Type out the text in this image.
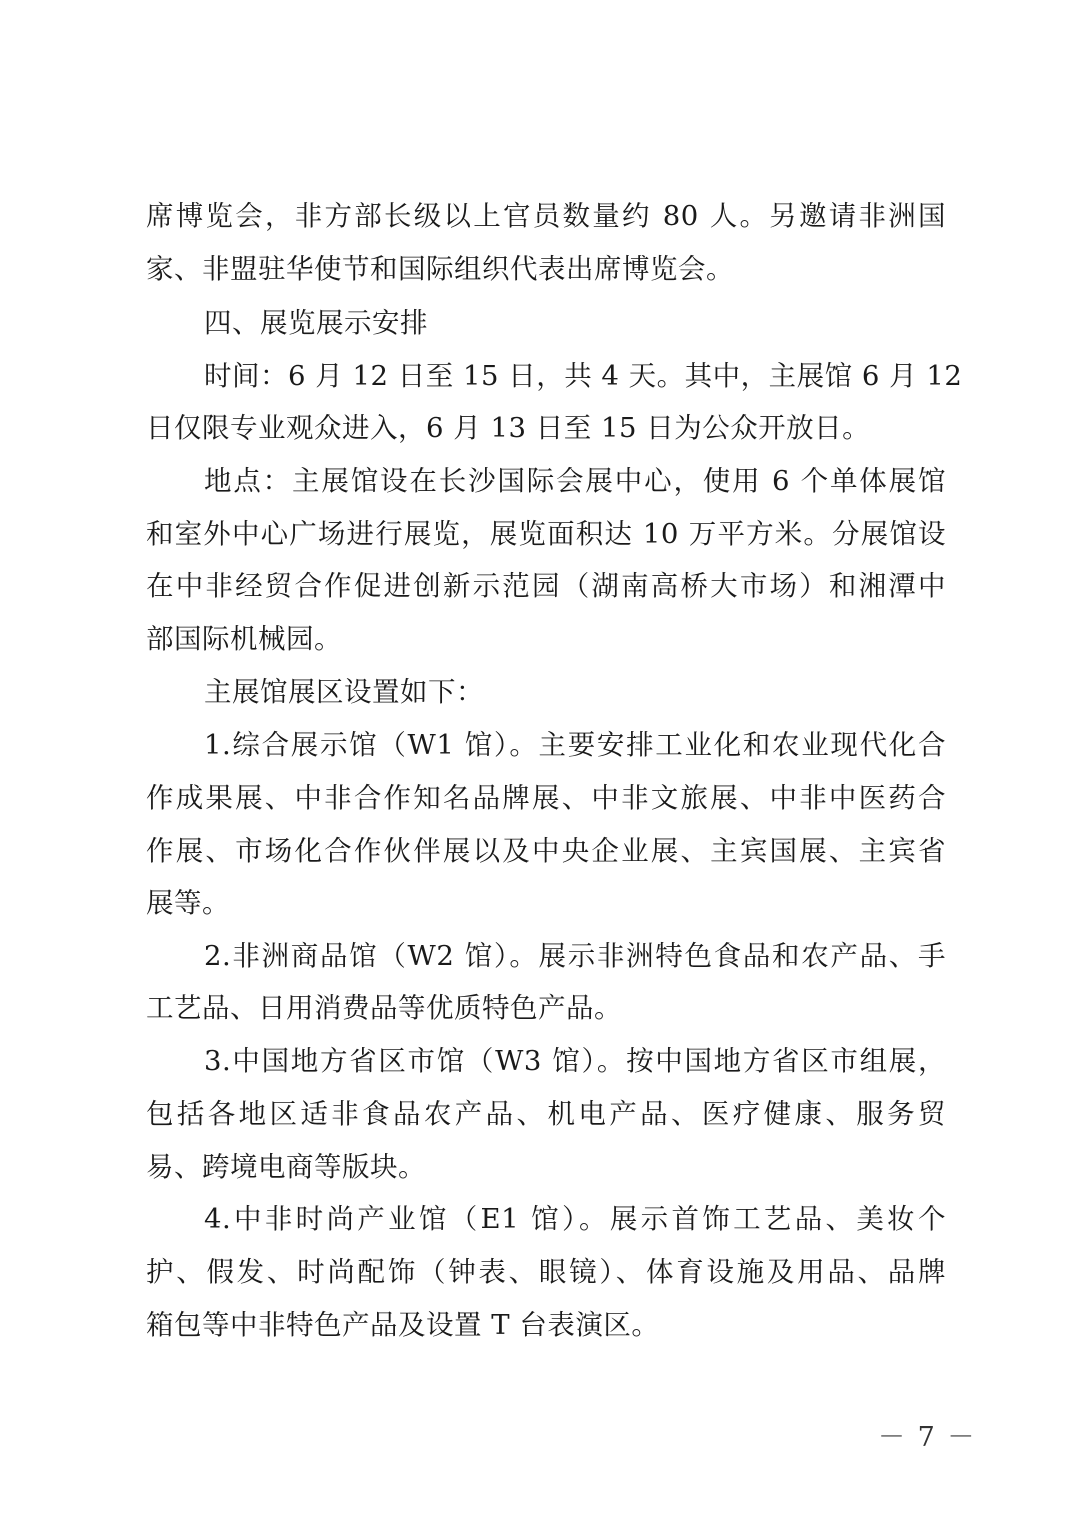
席博览会，非方部长级以上官员数量约 80 人。另邀请非洲国
家、非盟驻华使节和国际组织代表出席博览会。
四、展览展示安排
时间：6 月 12 日至 15 日，共 4 天。其中，主展馆 6 月 12
日仅限专业观众进入，6 月 13 日至 15 日为公众开放日。
地点：主展馆设在长沙国际会展中心，使用 6 个单体展馆
和室外中心广场进行展览，展览面积达 10 万平方米。分展馆设
在中非经贸合作促进创新示范园（湖南高桥大市场）和湘潭中
部国际机械园。
主展馆展区设置如下：
1.综合展示馆（W1 馆）。主要安排工业化和农业现代化合
作成果展、中非合作知名品牌展、中非文旅展、中非中医药合
作展、市场化合作伙伴展以及中央企业展、主宾国展、主宾省
展等。
2.非洲商品馆（W2 馆）。展示非洲特色食品和农产品、手
工艺品、日用消费品等优质特色产品。
3.中国地方省区市馆（W3 馆）。按中国地方省区市组展，
包括各地区适非食品农产品、机电产品、医疗健康、服务贸
易、跨境电商等版块。
4.中非时尚产业馆（E1 馆）。展示首饰工艺品、美妆个
护、假发、时尚配饰（钟表、眼镜）、体育设施及用品、品牌
箱包等中非特色产品及设置 T 台表演区。
－ 7 －
